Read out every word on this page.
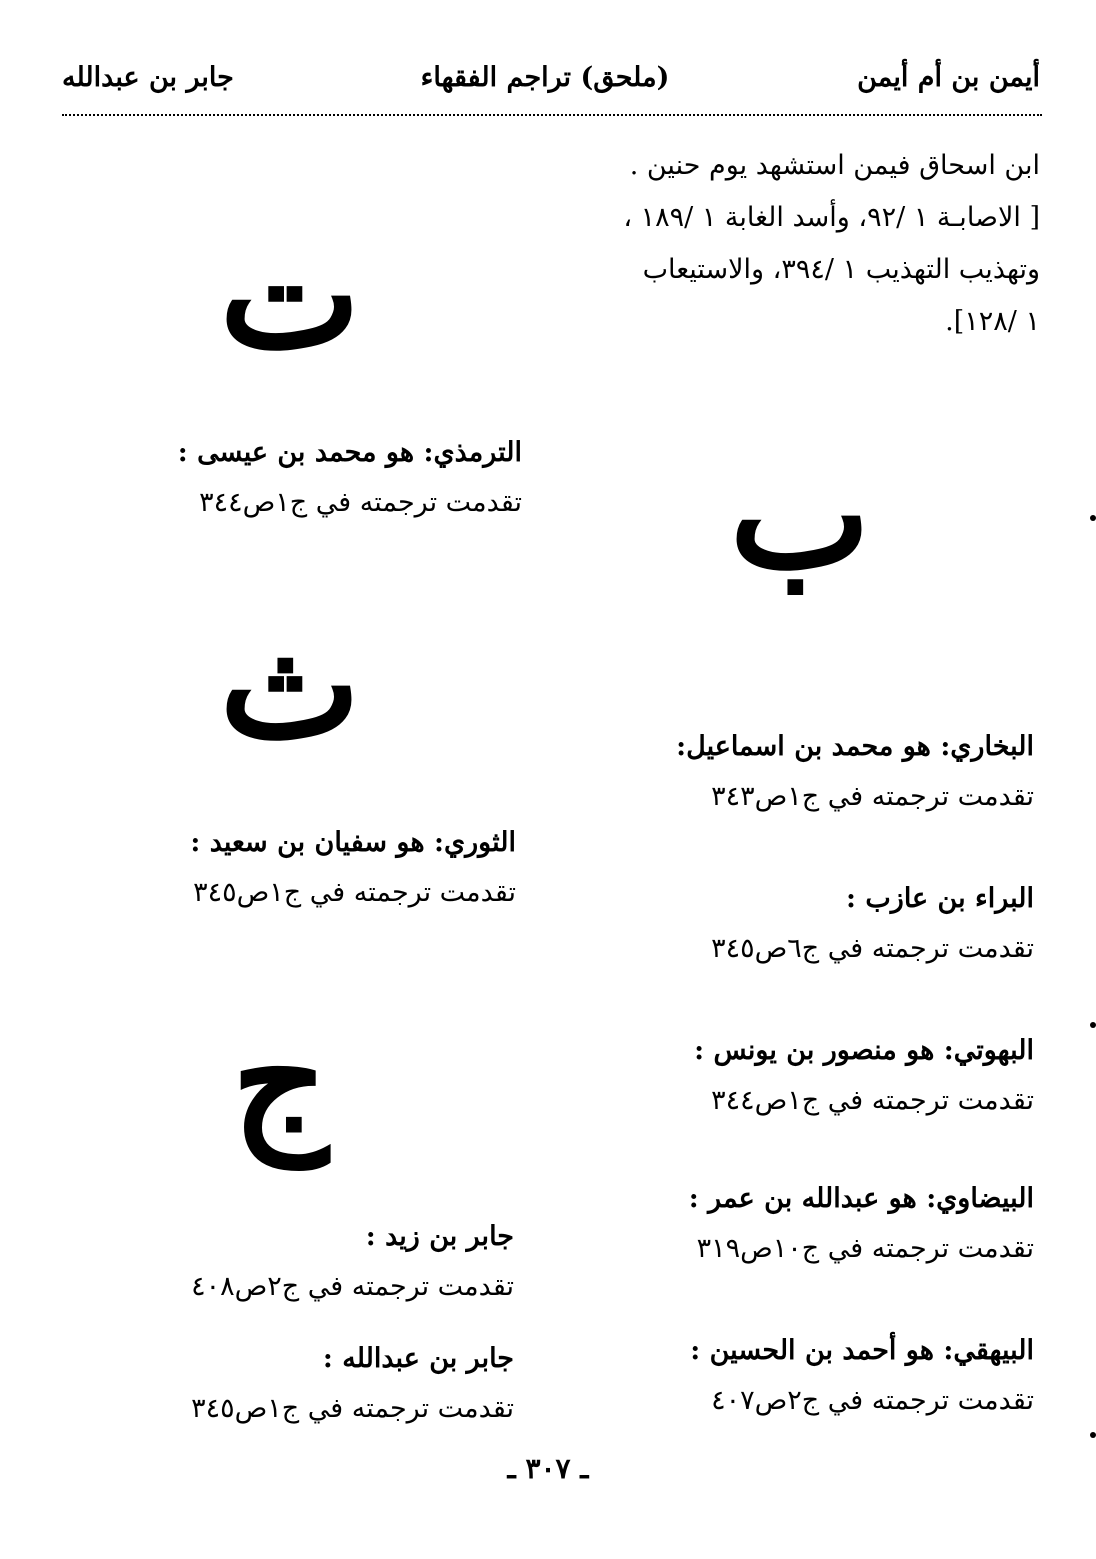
أيمن بن أم أيمن
(ملحق) تراجم الفقهاء
جابر بن عبدالله
ابن اسحاق فيمن استشهد يوم حنين .
[ الاصابـة ١ /٩٢، وأسد الغابة ١ /١٨٩ ،
وتهذيب التهذيب ١ /٣٩٤، والاستيعاب
١ /١٢٨].
ت
ب
ث
ج
البخاري: هو محمد بن اسماعيل:
تقدمت ترجمته في ج١ص٣٤٣
البراء بن عازب :
تقدمت ترجمته في ج٦ص٣٤٥
البهوتي: هو منصور بن يونس :
تقدمت ترجمته في ج١ص٣٤٤
البيضاوي: هو عبدالله بن عمر :
تقدمت ترجمته في ج١٠ص٣١٩
البيهقي: هو أحمد بن الحسين :
تقدمت ترجمته في ج٢ص٤٠٧
الترمذي: هو محمد بن عيسى :
تقدمت ترجمته في ج١ص٣٤٤
الثوري: هو سفيان بن سعيد :
تقدمت ترجمته في ج١ص٣٤٥
جابر بن زيد :
تقدمت ترجمته في ج٢ص٤٠٨
جابر بن عبدالله :
تقدمت ترجمته في ج١ص٣٤٥
ـ ٣٠٧ ـ
